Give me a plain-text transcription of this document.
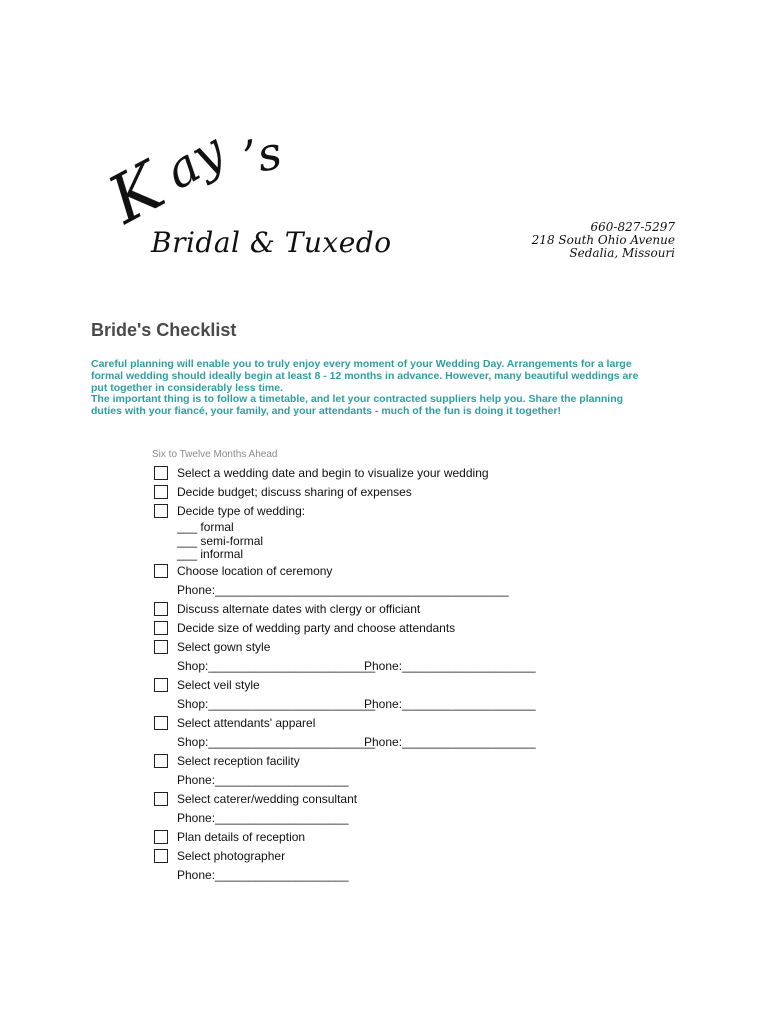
K
ay ’s
Bridal & Tuxedo	660-827-5297
218 South Ohio Avenue
Sedalia, Missouri
Bride's Checklist

Careful planning will enable you to truly enjoy every moment of your Wedding Day. Arrangements for a large formal wedding should ideally begin at least 8 - 12 months in advance. However, many beautiful weddings are put together in considerably less time.

The important thing is to follow a timetable, and let your contracted suppliers help you. Share the planning duties with your fiancé, your family, and your attendants - much of the fun is doing it together!

Six to Twelve Months Ahead
Select a wedding date and begin to visualize your wedding
Decide budget; discuss sharing of expenses
Decide type of wedding:
___ formal
___ semi-formal
___ informal
Choose location of ceremony
Phone:____________________________________________
Discuss alternate dates with clergy or officiant
Decide size of wedding party and choose attendants
Select gown style
Shop:_________________________
Phone:____________________
Select veil style
Shop:_________________________
Phone:____________________
Select attendants' apparel
Shop:_________________________
Phone:____________________
Select reception facility
Phone:____________________
Select caterer/wedding consultant
Phone:____________________
Plan details of reception
Select photographer
Phone:____________________
